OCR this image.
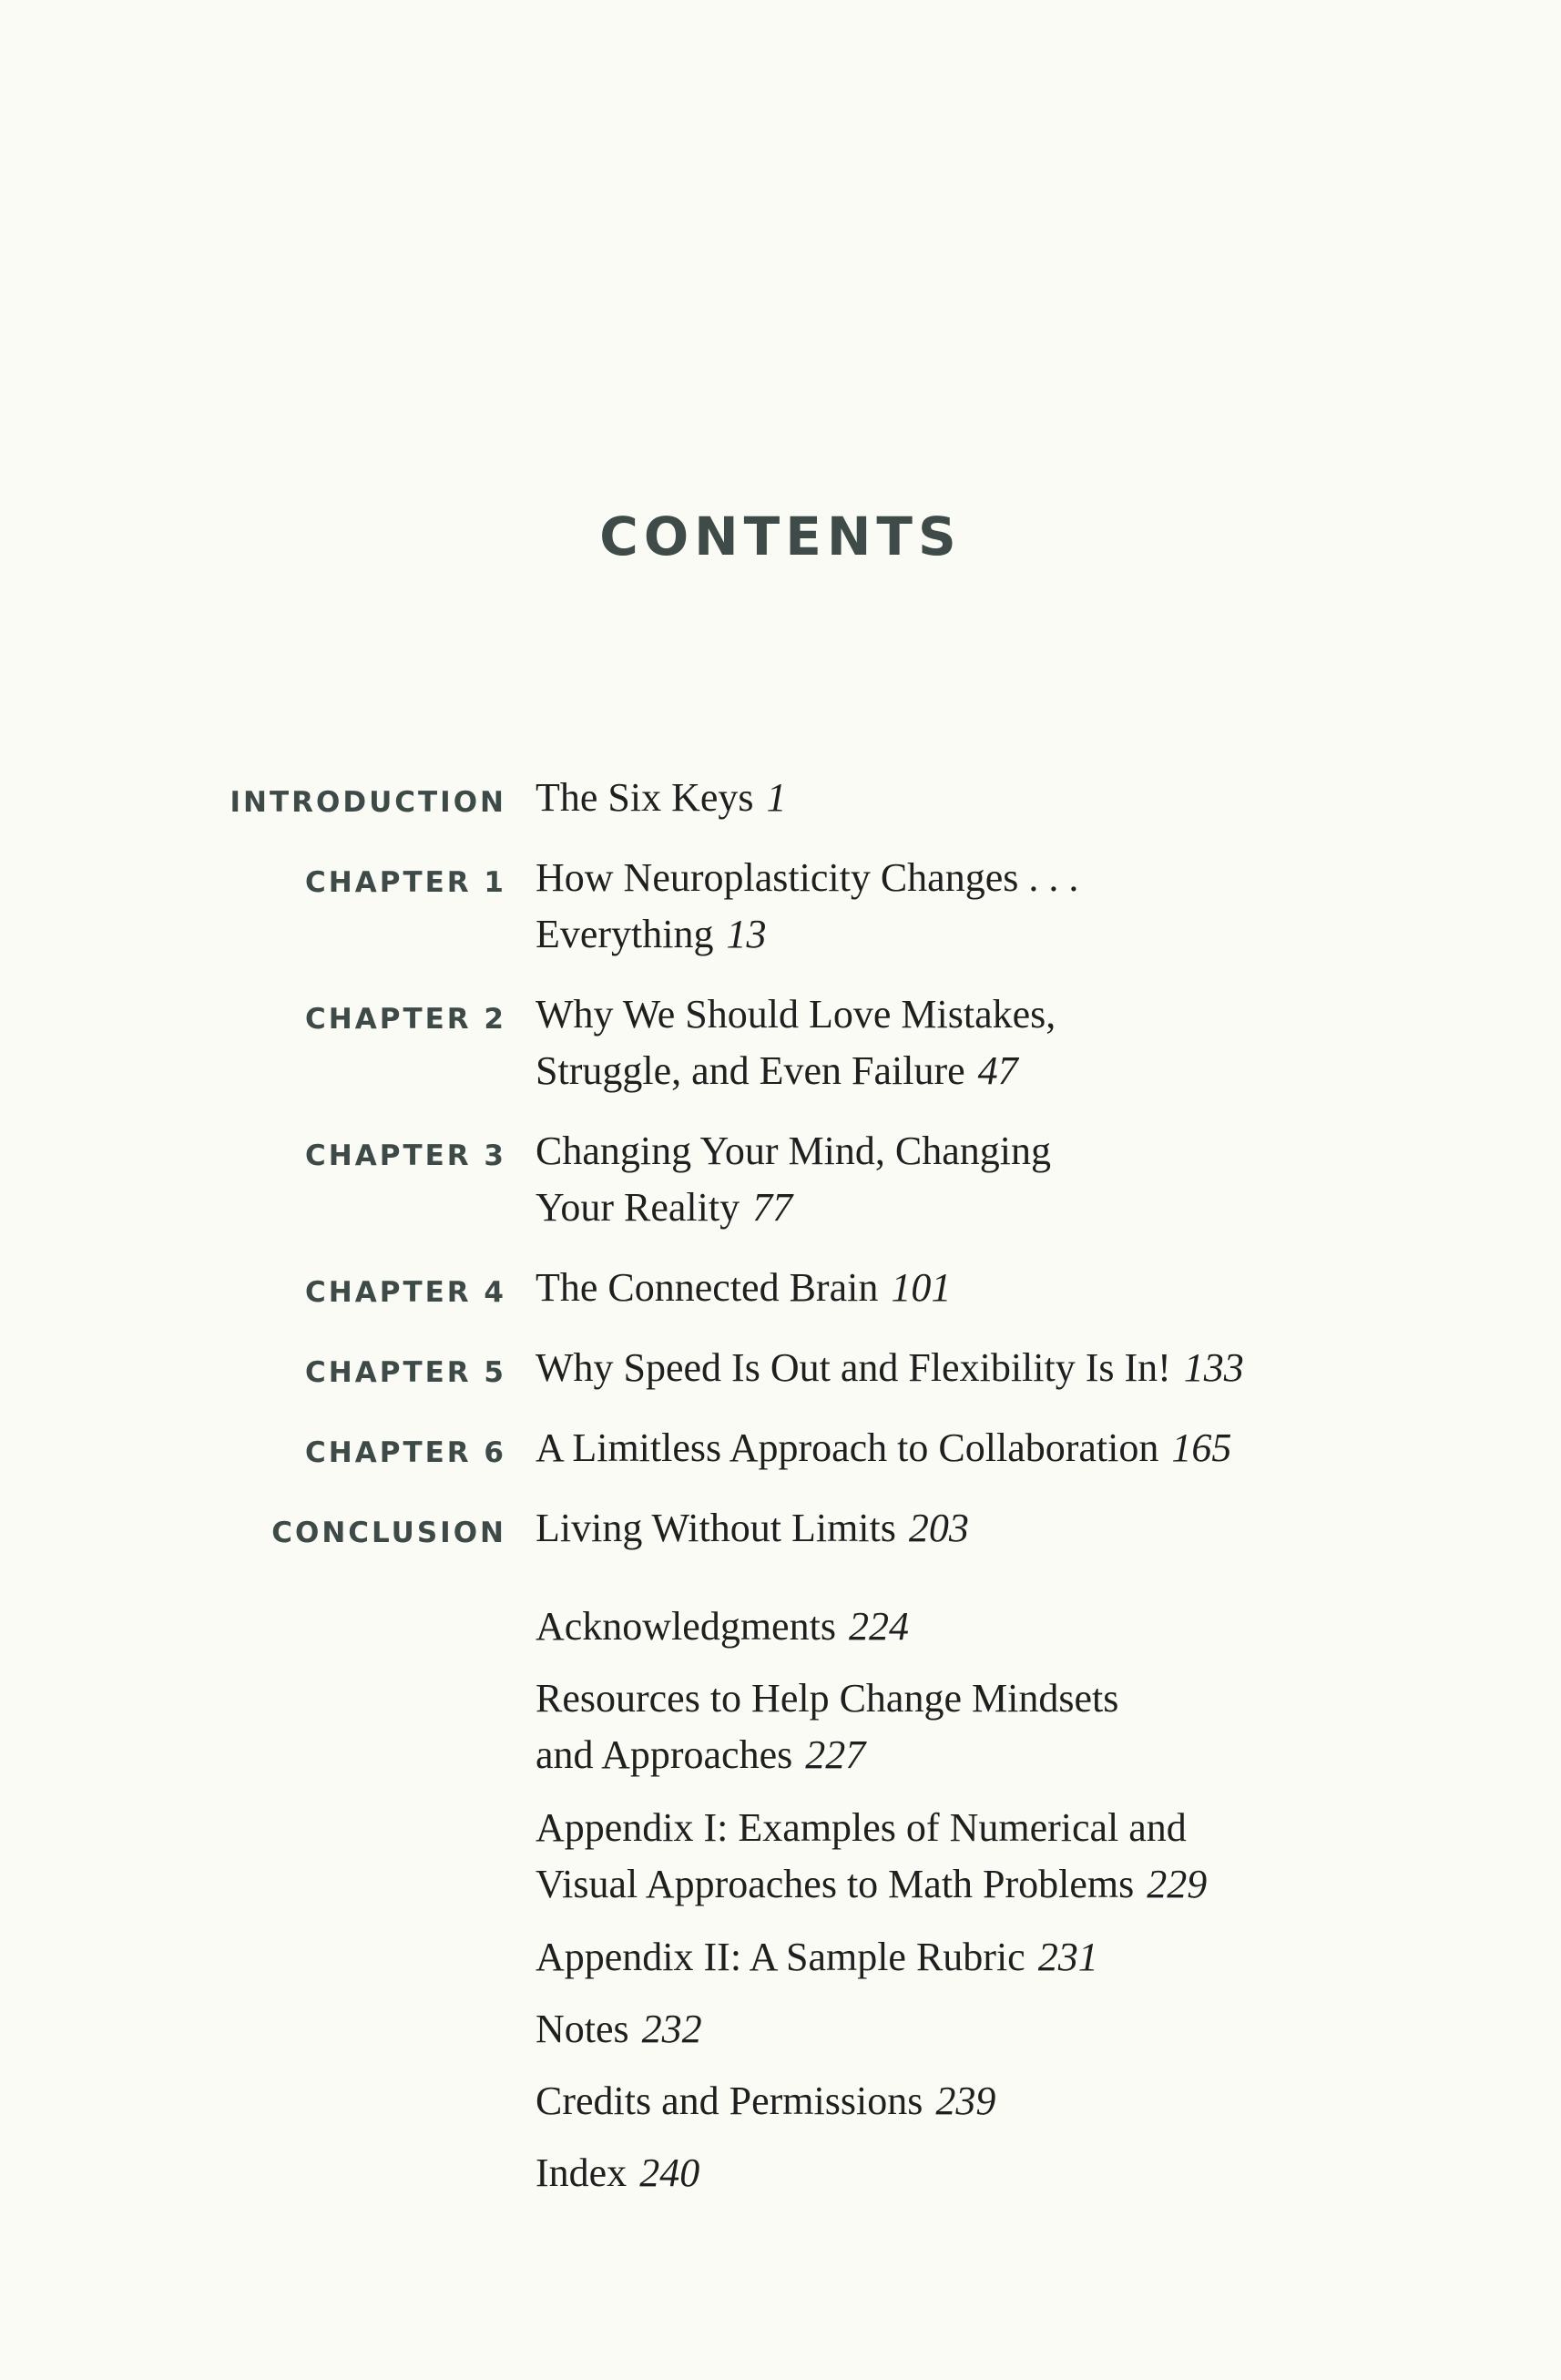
CONTENTS
INTRODUCTION The Six Keys 1
CHAPTER 1 How Neuroplasticity Changes . . .
Everything 13
CHAPTER 2 Why We Should Love Mistakes,
Struggle, and Even Failure 47
CHAPTER 3 Changing Your Mind, Changing
Your Reality 77
CHAPTER 4 The Connected Brain 101
CHAPTER 5 Why Speed Is Out and Flexibility Is In! 133
CHAPTER 6 A Limitless Approach to Collaboration 165
CONCLUSION Living Without Limits 203
Acknowledgments 224
Resources to Help Change Mindsets
and Approaches 227
Appendix I: Examples of Numerical and
Visual Approaches to Math Problems 229
Appendix II: A Sample Rubric 231
Notes 232
Credits and Permissions 239
Index 240
